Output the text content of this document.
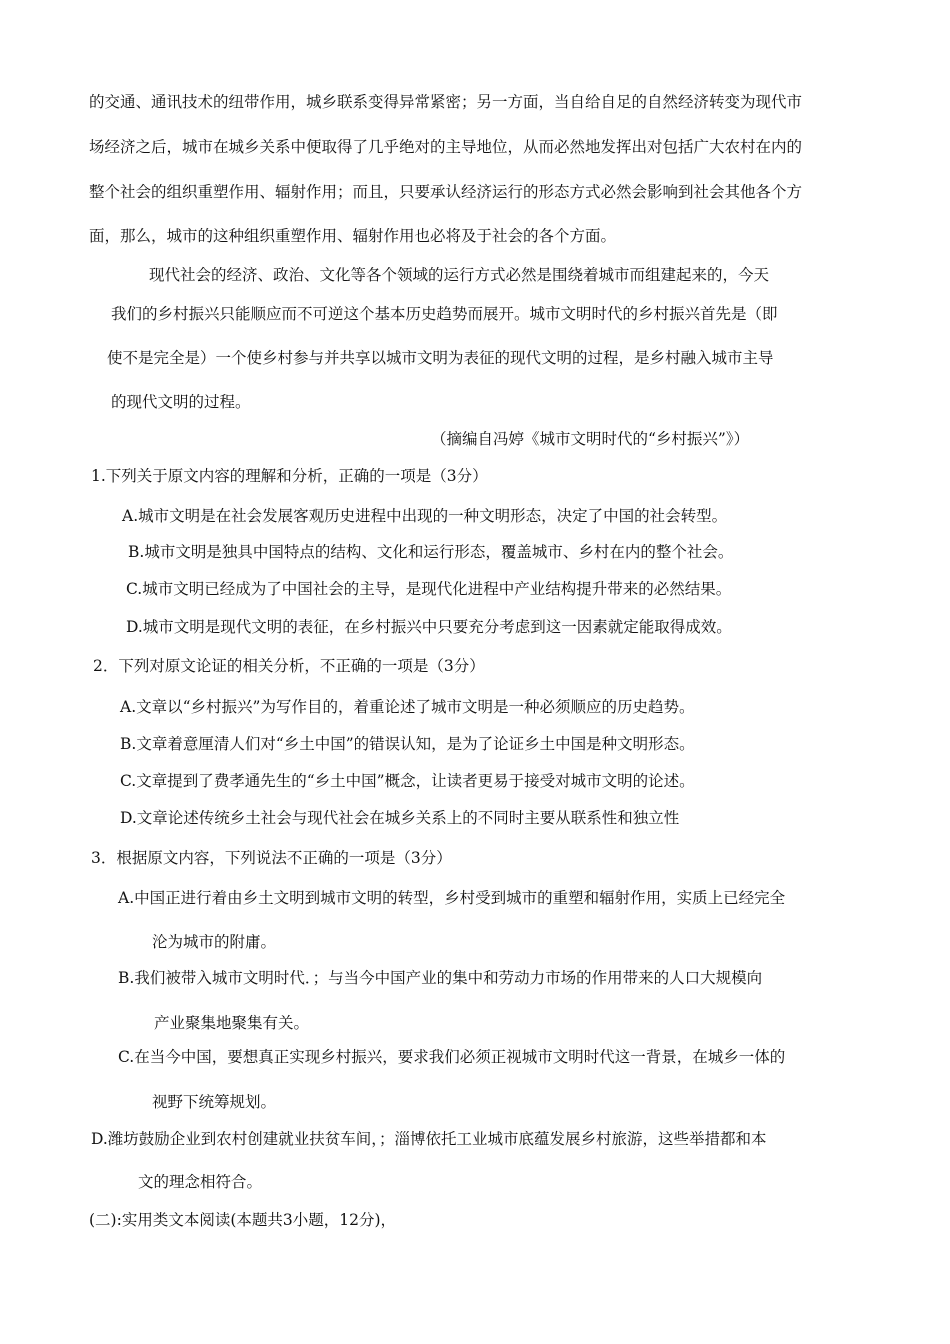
的交通、通讯技术的纽带作用，城乡联系变得异常紧密；另一方面，当自给自足的自然经济转变为现代市
场经济之后，城市在城乡关系中便取得了几乎绝对的主导地位，从而必然地发挥出对包括广大农村在内的
整个社会的组织重塑作用、辐射作用；而且，只要承认经济运行的形态方式必然会影响到社会其他各个方
面，那么，城市的这种组织重塑作用、辐射作用也必将及于社会的各个方面。
现代社会的经济、政治、文化等各个领域的运行方式必然是围绕着城市而组建起来的，今天
我们的乡村振兴只能顺应而不可逆这个基本历史趋势而展开。城市文明时代的乡村振兴首先是（即
使不是完全是）一个使乡村参与并共享以城市文明为表征的现代文明的过程，是乡村融入城市主导
的现代文明的过程。
（摘编自冯婷《城市文明时代的“乡村振兴”》）
1.下列关于原文内容的理解和分析，正确的一项是（3分）
A.城市文明是在社会发展客观历史进程中出现的一种文明形态，决定了中国的社会转型。
B.城市文明是独具中国特点的结构、文化和运行形态，覆盖城市、乡村在内的整个社会。
C.城市文明已经成为了中国社会的主导，是现代化进程中产业结构提升带来的必然结果。
D.城市文明是现代文明的表征，在乡村振兴中只要充分考虑到这一因素就定能取得成效。
2．下列对原文论证的相关分析，不正确的一项是（3分）
A.文章以“乡村振兴”为写作目的，着重论述了城市文明是一种必须顺应的历史趋势。
B.文章着意厘清人们对“乡土中国”的错误认知，是为了论证乡土中国是种文明形态。
C.文章提到了费孝通先生的“乡土中国”概念，让读者更易于接受对城市文明的论述。
D.文章论述传统乡土社会与现代社会在城乡关系上的不同时主要从联系性和独立性
3．根据原文内容，下列说法不正确的一项是（3分）
A.中国正进行着由乡土文明到城市文明的转型，乡村受到城市的重塑和辐射作用，实质上已经完全
沦为城市的附庸。
B.我们被带入城市文明时代．；与当今中国产业的集中和劳动力市场的作用带来的人口大规模向
产业聚集地聚集有关。
C.在当今中国，要想真正实现乡村振兴，要求我们必须正视城市文明时代这一背景，在城乡一体的
视野下统筹规划。
D.潍坊鼓励企业到农村创建就业扶贫车间，；淄博依托工业城市底蕴发展乡村旅游，这些举措都和本
文的理念相符合。
(二):实用类文本阅读(本题共3小题，12分)，
